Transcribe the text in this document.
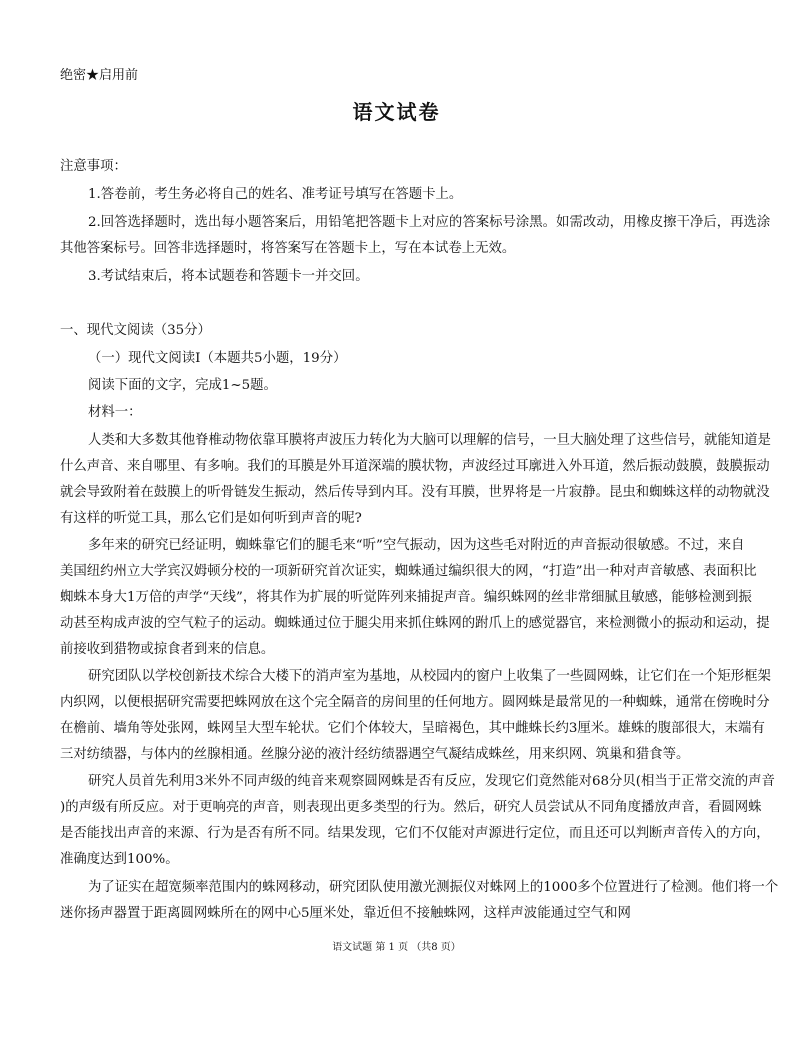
绝密★启用前
语文试卷
注意事项：
1.答卷前，考生务必将自己的姓名、准考证号填写在答题卡上。
2.回答选择题时，选出每小题答案后，用铅笔把答题卡上对应的答案标号涂黑。如需改动，用橡皮擦干净后，再选涂
其他答案标号。回答非选择题时，将答案写在答题卡上，写在本试卷上无效。
3.考试结束后，将本试题卷和答题卡一并交回。
一、现代文阅读（35分）
（一）现代文阅读Ⅰ（本题共5小题，19分）
阅读下面的文字，完成1~5题。
材料一：
人类和大多数其他脊椎动物依靠耳膜将声波压力转化为大脑可以理解的信号，一旦大脑处理了这些信号，就能知道是
什么声音、来自哪里、有多响。我们的耳膜是外耳道深端的膜状物，声波经过耳廓进入外耳道，然后振动鼓膜，鼓膜振动
就会导致附着在鼓膜上的听骨链发生振动，然后传导到内耳。没有耳膜，世界将是一片寂静。昆虫和蜘蛛这样的动物就没
有这样的听觉工具，那么它们是如何听到声音的呢?
多年来的研究已经证明，蜘蛛靠它们的腿毛来“听”空气振动，因为这些毛对附近的声音振动很敏感。不过，来自
美国纽约州立大学宾汉姆顿分校的一项新研究首次证实，蜘蛛通过编织很大的网，“打造”出一种对声音敏感、表面积比
蜘蛛本身大1万倍的声学“天线”，将其作为扩展的听觉阵列来捕捉声音。编织蛛网的丝非常细腻且敏感，能够检测到振
动甚至构成声波的空气粒子的运动。蜘蛛通过位于腿尖用来抓住蛛网的跗爪上的感觉器官，来检测微小的振动和运动，提
前接收到猎物或掠食者到来的信息。
研究团队以学校创新技术综合大楼下的消声室为基地，从校园内的窗户上收集了一些圆网蛛，让它们在一个矩形框架
内织网，以便根据研究需要把蛛网放在这个完全隔音的房间里的任何地方。圆网蛛是最常见的一种蜘蛛，通常在傍晚时分
在檐前、墙角等处张网，蛛网呈大型车轮状。它们个体较大，呈暗褐色，其中雌蛛长约3厘米。雄蛛的腹部很大，末端有
三对纺绩器，与体内的丝腺相通。丝腺分泌的液汁经纺绩器遇空气凝结成蛛丝，用来织网、筑巢和猎食等。
研究人员首先利用3米外不同声级的纯音来观察圆网蛛是否有反应，发现它们竟然能对68分贝(相当于正常交流的声音
)的声级有所反应。对于更响亮的声音，则表现出更多类型的行为。然后，研究人员尝试从不同角度播放声音，看圆网蛛
是否能找出声音的来源、行为是否有所不同。结果发现，它们不仅能对声源进行定位，而且还可以判断声音传入的方向，
准确度达到100%。
为了证实在超宽频率范围内的蛛网移动，研究团队使用激光测振仪对蛛网上的1000多个位置进行了检测。他们将一个
迷你扬声器置于距离圆网蛛所在的网中心5厘米处，靠近但不接触蛛网，这样声波能通过空气和网
语文试题 第 1 页 （共8 页）
